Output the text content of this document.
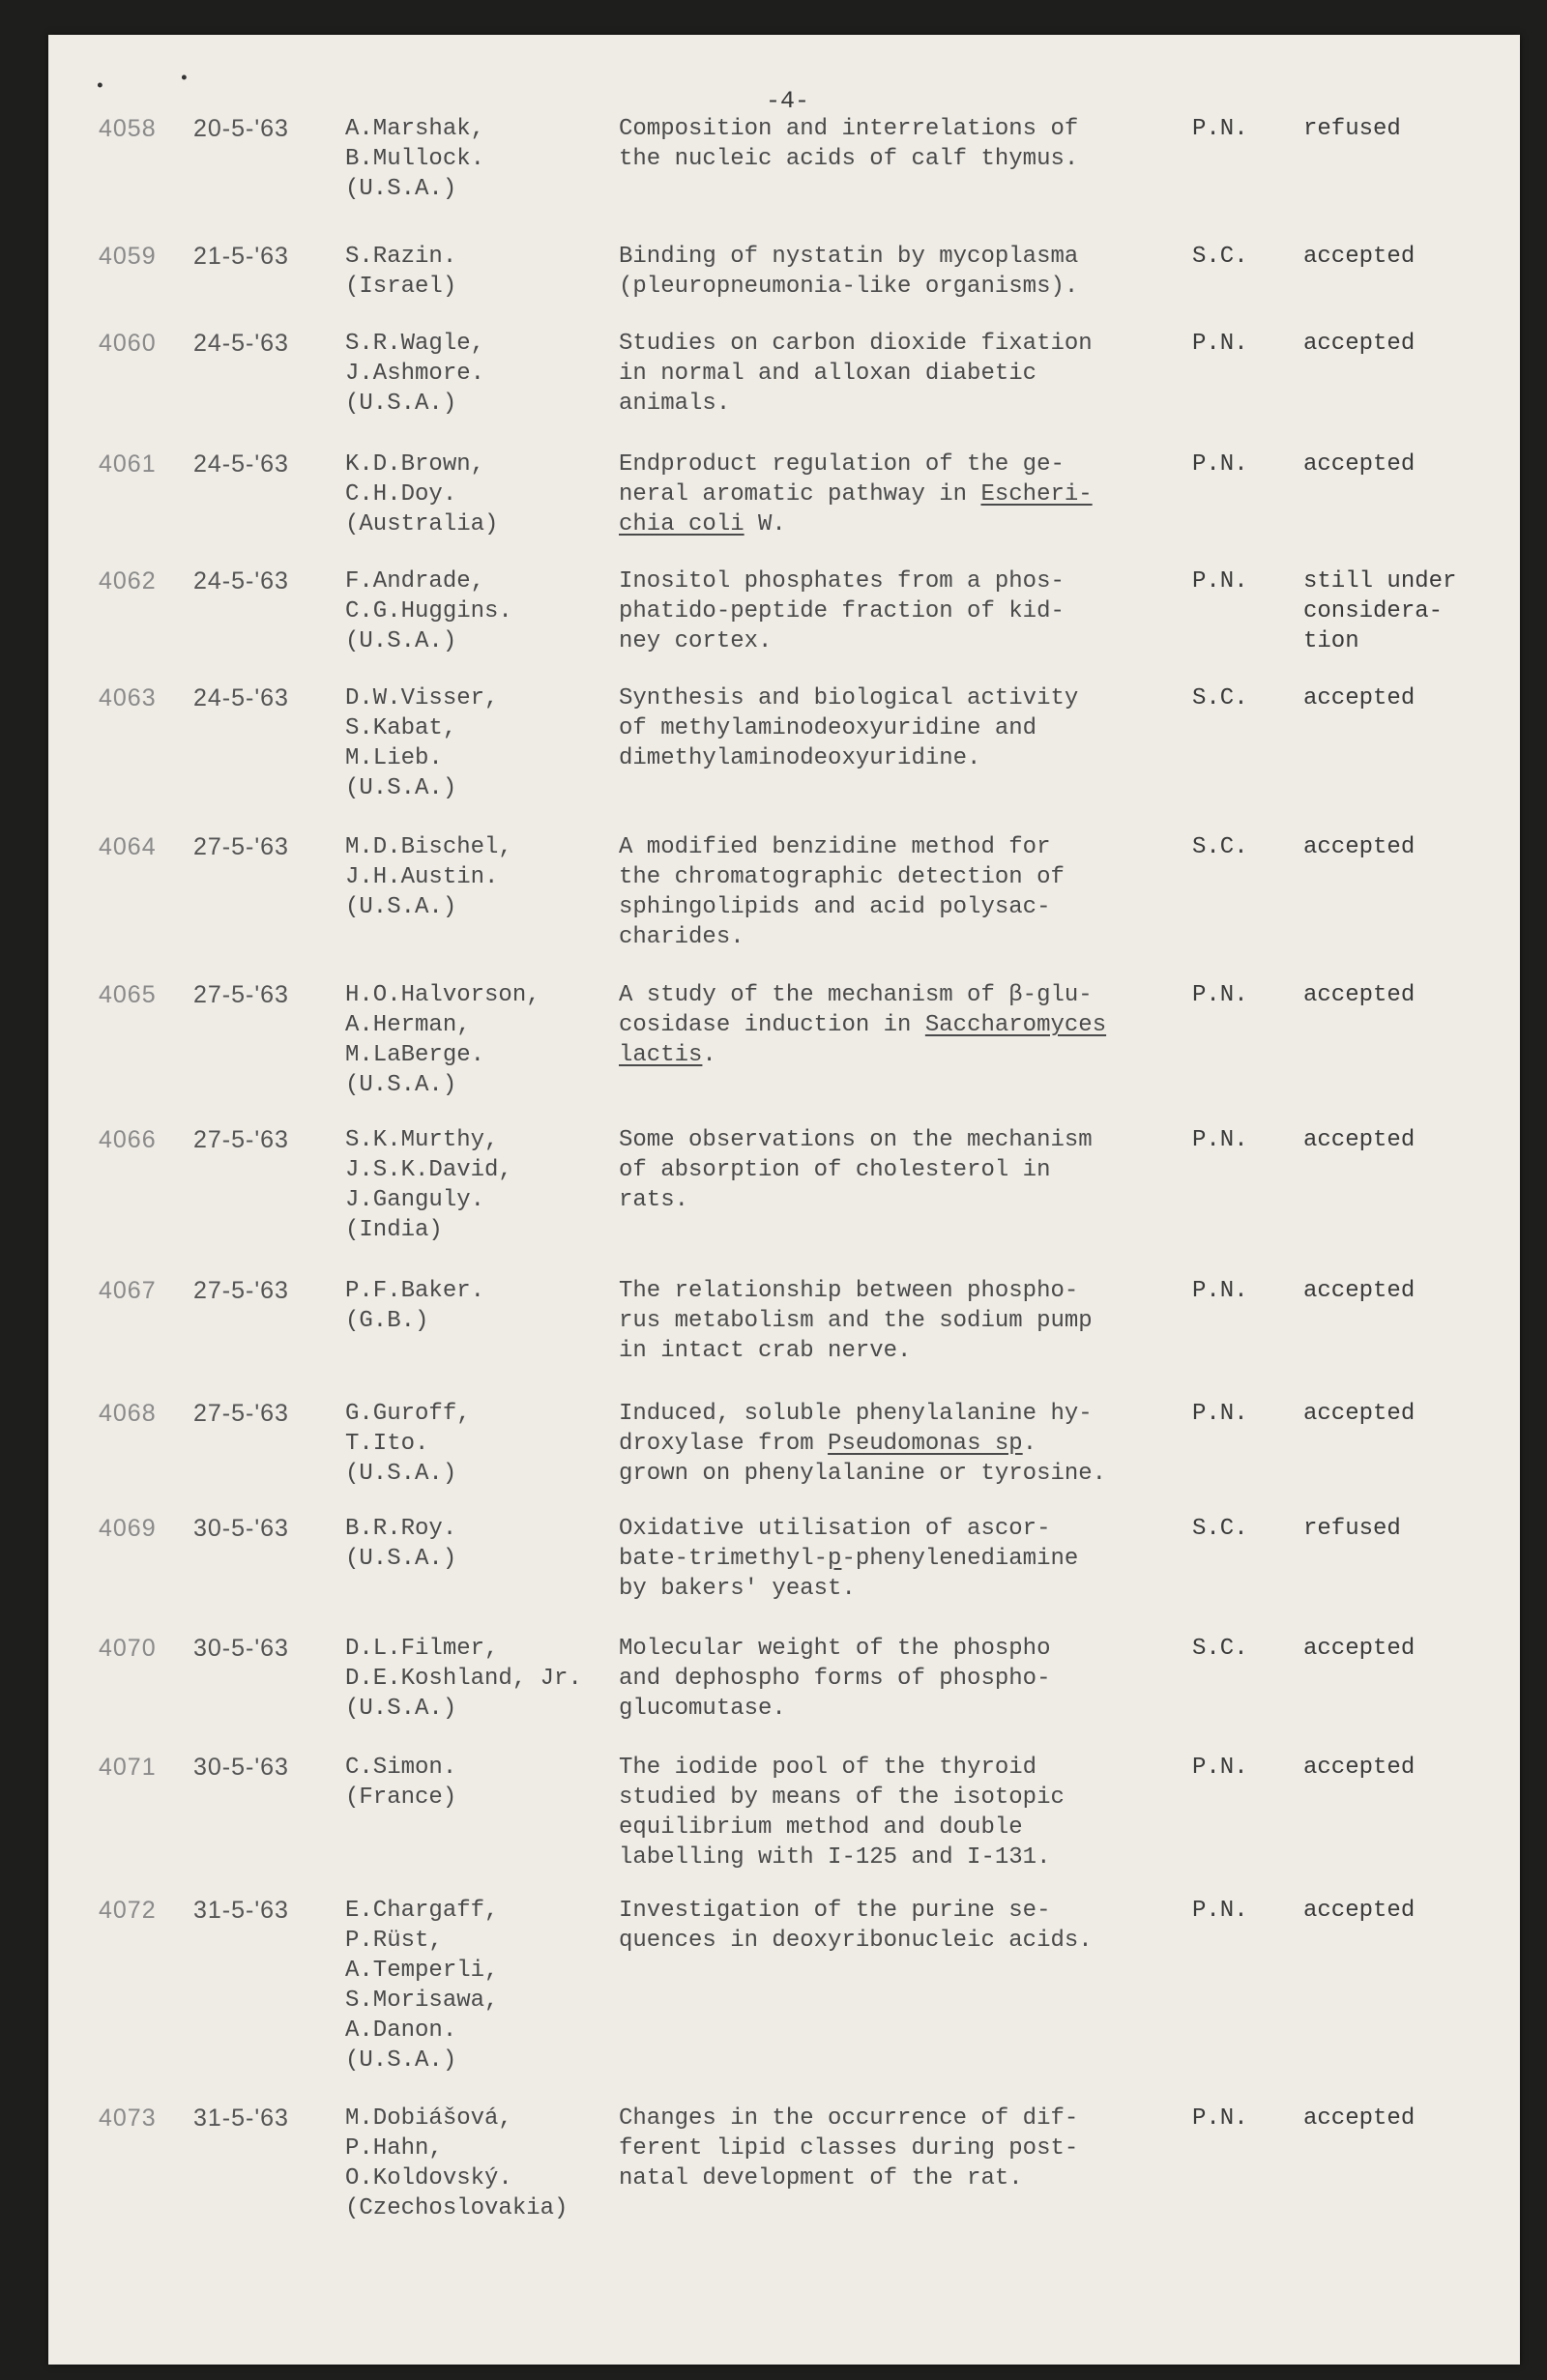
•	•
-4-
4058 20-5-'63 A.Marshak,
B.Mullock.
(U.S.A.)
Composition and interrelations of
the nucleic acids of calf thymus.
P.N. refused
4059 21-5-'63 S.Razin.
(Israel)
Binding of nystatin by mycoplasma
(pleuropneumonia-like organisms).
S.C. accepted
4060 24-5-'63 S.R.Wagle,
J.Ashmore.
(U.S.A.)
Studies on carbon dioxide fixation
in normal and alloxan diabetic
animals.
P.N. accepted
4061 24-5-'63 K.D.Brown,
C.H.Doy.
(Australia)
Endproduct regulation of the ge-
neral aromatic pathway in Escheri-
chia coli W.
P.N. accepted
4062 24-5-'63 F.Andrade,
C.G.Huggins.
(U.S.A.)
Inositol phosphates from a phos-
phatido-peptide fraction of kid-
ney cortex.
P.N. still under
considera-
tion
4063 24-5-'63 D.W.Visser,
S.Kabat,
M.Lieb.
(U.S.A.)
Synthesis and biological activity
of methylaminodeoxyuridine and
dimethylaminodeoxyuridine.
S.C. accepted
4064 27-5-'63 M.D.Bischel,
J.H.Austin.
(U.S.A.)
A modified benzidine method for
the chromatographic detection of
sphingolipids and acid polysac-
charides.
S.C. accepted
4065 27-5-'63 H.O.Halvorson,
A.Herman,
M.LaBerge.
(U.S.A.)
A study of the mechanism of β-glu-
cosidase induction in Saccharomyces
lactis.
P.N. accepted
4066 27-5-'63 S.K.Murthy,
J.S.K.David,
J.Ganguly.
(India)
Some observations on the mechanism
of absorption of cholesterol in
rats.
P.N. accepted
4067 27-5-'63 P.F.Baker.
(G.B.)
The relationship between phospho-
rus metabolism and the sodium pump
in intact crab nerve.
P.N. accepted
4068 27-5-'63 G.Guroff,
T.Ito.
(U.S.A.)
Induced, soluble phenylalanine hy-
droxylase from Pseudomonas sp.
grown on phenylalanine or tyrosine.
P.N. accepted
4069 30-5-'63 B.R.Roy.
(U.S.A.)
Oxidative utilisation of ascor-
bate-trimethyl-p-phenylenediamine
by bakers' yeast.
S.C. refused
4070 30-5-'63 D.L.Filmer,
D.E.Koshland, Jr.
(U.S.A.)
Molecular weight of the phospho
and dephospho forms of phospho-
glucomutase.
S.C. accepted
4071 30-5-'63 C.Simon.
(France)
The iodide pool of the thyroid
studied by means of the isotopic
equilibrium method and double
labelling with I-125 and I-131.
P.N. accepted
4072 31-5-'63 E.Chargaff,
P.Rüst,
A.Temperli,
S.Morisawa,
A.Danon.
(U.S.A.)
Investigation of the purine se-
quences in deoxyribonucleic acids.
P.N. accepted
4073 31-5-'63 M.Dobiášová,
P.Hahn,
O.Koldovský.
(Czechoslovakia)
Changes in the occurrence of dif-
ferent lipid classes during post-
natal development of the rat.
P.N. accepted
